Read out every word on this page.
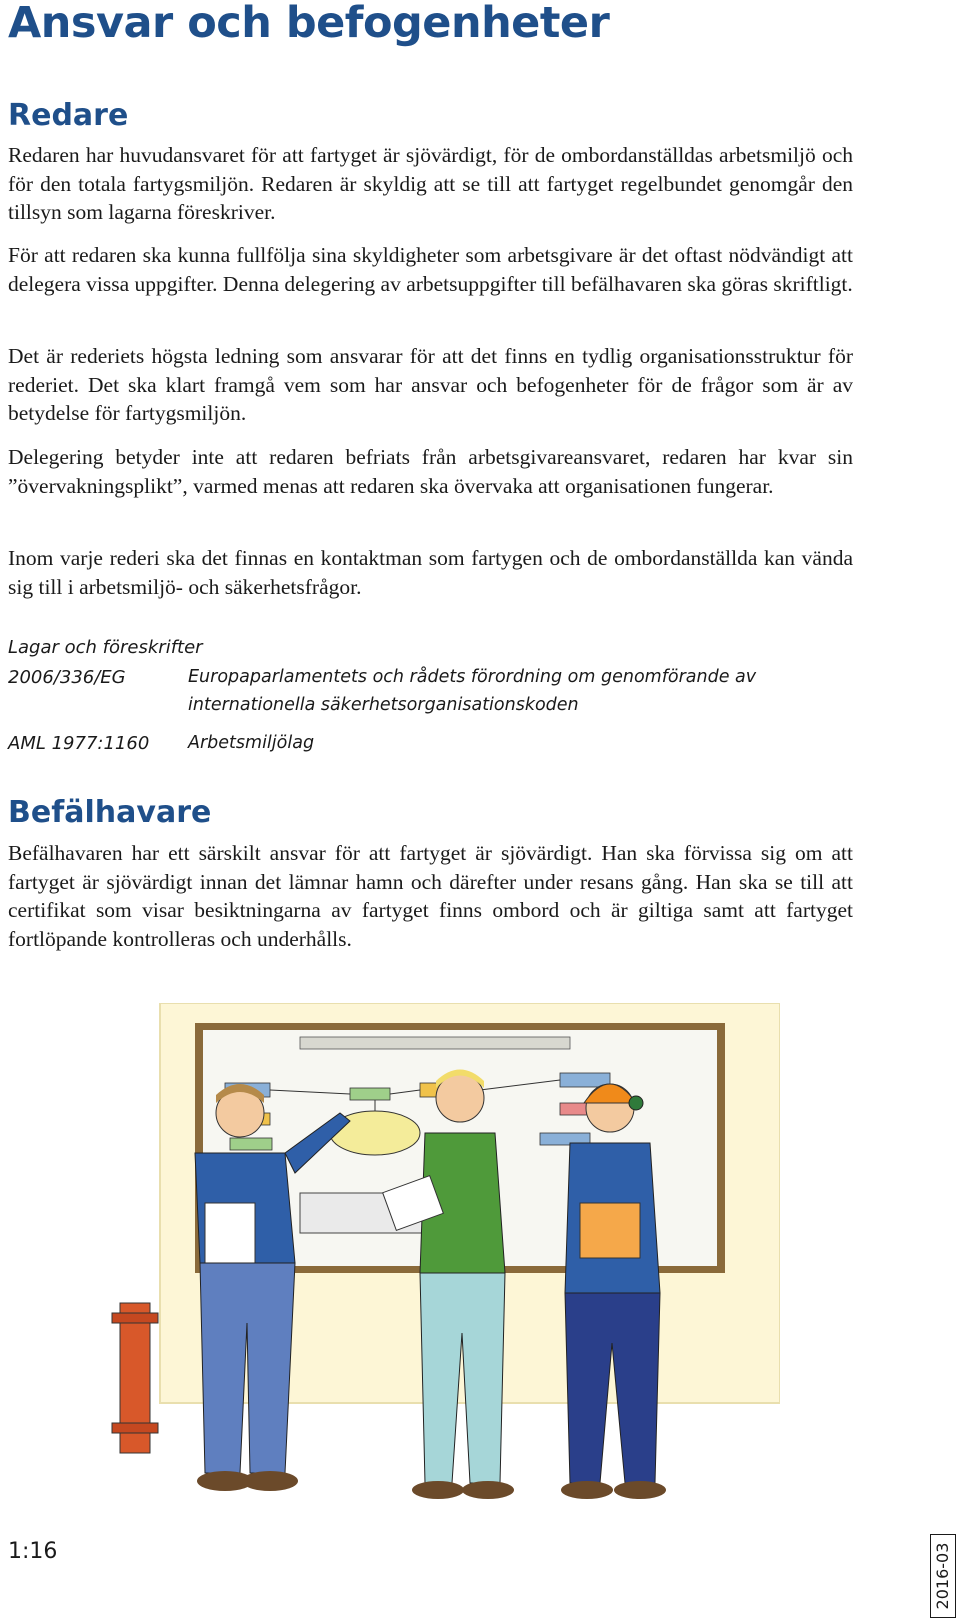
Ansvar och befogenheter
Redare

Redaren har huvudansvaret för att fartyget är sjövärdigt, för de ombordanställdas arbetsmiljö och för den totala fartygsmiljön. Redaren är skyldig att se till att fartyget regelbundet genomgår den tillsyn som lagarna föreskriver.

För att redaren ska kunna fullfölja sina skyldigheter som arbetsgivare är det oftast nödvändigt att delegera vissa uppgifter. Denna delegering av arbetsuppgifter till befälhavaren ska göras skriftligt.

Det är rederiets högsta ledning som ansvarar för att det finns en tydlig organisationsstruktur för rederiet. Det ska klart framgå vem som har ansvar och befogenheter för de frågor som är av betydelse för fartygsmiljön.

Delegering betyder inte att redaren befriats från arbetsgivareansvaret, redaren har kvar sin ”övervakningsplikt”, varmed menas att redaren ska övervaka att organisationen fungerar.

Inom varje rederi ska det finnas en kontaktman som fartygen och de ombordanställda kan vända sig till i arbetsmiljö- och säkerhetsfrågor.

Lagar och föreskrifter

2006/336/EG	Europaparlamentets och rådets förordning om genomförande av internationella säkerhetsorganisationskoden

AML 1977:1160 Arbetsmiljölag

Befälhavare

Befälhavaren har ett särskilt ansvar för att fartyget är sjövärdigt. Han ska förvissa sig om att fartyget är sjövärdigt innan det lämnar hamn och därefter under resans gång. Han ska se till att certifikat som visar besiktningarna av fartyget finns ombord och är giltiga samt att fartyget fortlöpande kontrolleras och underhålls.

1:16	2016-03
